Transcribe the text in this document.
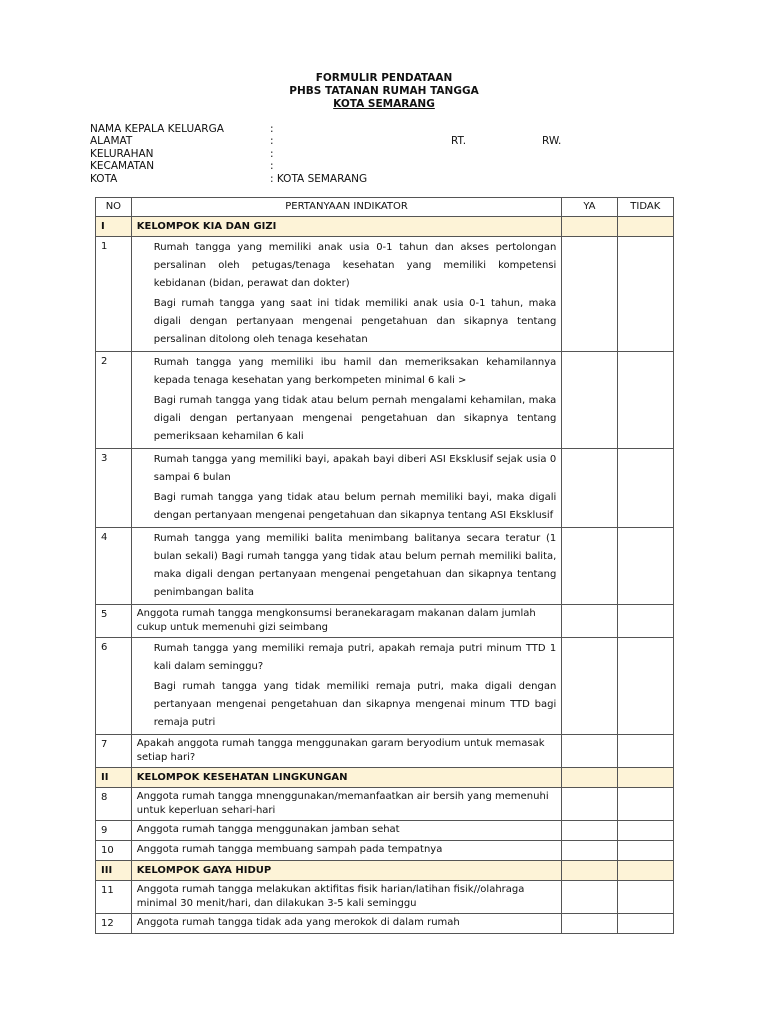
FORMULIR PENDATAAN
PHBS TATANAN RUMAH TANGGA
KOTA SEMARANG
NAMA KEPALA KELUARGA	:
ALAMAT	:	RT.	RW.
KELURAHAN	:
KECAMATAN	:
KOTA	: KOTA SEMARANG
NO	PERTANYAAN INDIKATOR	YA	TIDAK
I	KELOMPOK KIA DAN GIZI		
1	Rumah tangga yang memiliki anak usia 0-1 tahun dan akses pertolongan persalinan oleh petugas/tenaga kesehatan yang memiliki kompetensi kebidanan (bidan, perawat dan dokter)
Bagi rumah tangga yang saat ini tidak memiliki anak usia 0-1 tahun, maka digali dengan pertanyaan mengenai pengetahuan dan sikapnya tentang persalinan ditolong oleh tenaga kesehatan		

2	Rumah tangga yang memiliki ibu hamil dan memeriksakan kehamilannya kepada tenaga kesehatan yang berkompeten minimal 6 kali >
Bagi rumah tangga yang tidak atau belum pernah mengalami kehamilan, maka digali dengan pertanyaan mengenai pengetahuan dan sikapnya tentang pemeriksaan kehamilan 6 kali		

3	Rumah tangga yang memiliki bayi, apakah bayi diberi ASI Eksklusif sejak usia 0 sampai 6 bulan
Bagi rumah tangga yang tidak atau belum pernah memiliki bayi, maka digali dengan pertanyaan mengenai pengetahuan dan sikapnya tentang ASI Eksklusif		

4	Rumah tangga yang memiliki balita menimbang balitanya secara teratur (1 bulan sekali) Bagi rumah tangga yang tidak atau belum pernah memiliki balita, maka digali dengan pertanyaan mengenai pengetahuan dan sikapnya tentang penimbangan balita		

5	Anggota rumah tangga mengkonsumsi beranekaragam makanan dalam jumlah cukup untuk memenuhi gizi seimbang		
6	Rumah tangga yang memiliki remaja putri, apakah remaja putri minum TTD 1 kali dalam seminggu?
Bagi rumah tangga yang tidak memiliki remaja putri, maka digali dengan pertanyaan mengenai pengetahuan dan sikapnya mengenai minum TTD bagi remaja putri		

7	Apakah anggota rumah tangga menggunakan garam beryodium untuk memasak setiap hari?		
II	KELOMPOK KESEHATAN LINGKUNGAN		
8	Anggota rumah tangga mnenggunakan/memanfaatkan air bersih yang memenuhi untuk keperluan sehari-hari		
9	Anggota rumah tangga menggunakan jamban sehat		
10	Anggota rumah tangga membuang sampah pada tempatnya		
III	KELOMPOK GAYA HIDUP		
11	Anggota rumah tangga melakukan aktifitas fisik harian/latihan fisik//olahraga minimal 30 menit/hari, dan dilakukan 3-5 kali seminggu		
12	Anggota rumah tangga tidak ada yang merokok di dalam rumah		
